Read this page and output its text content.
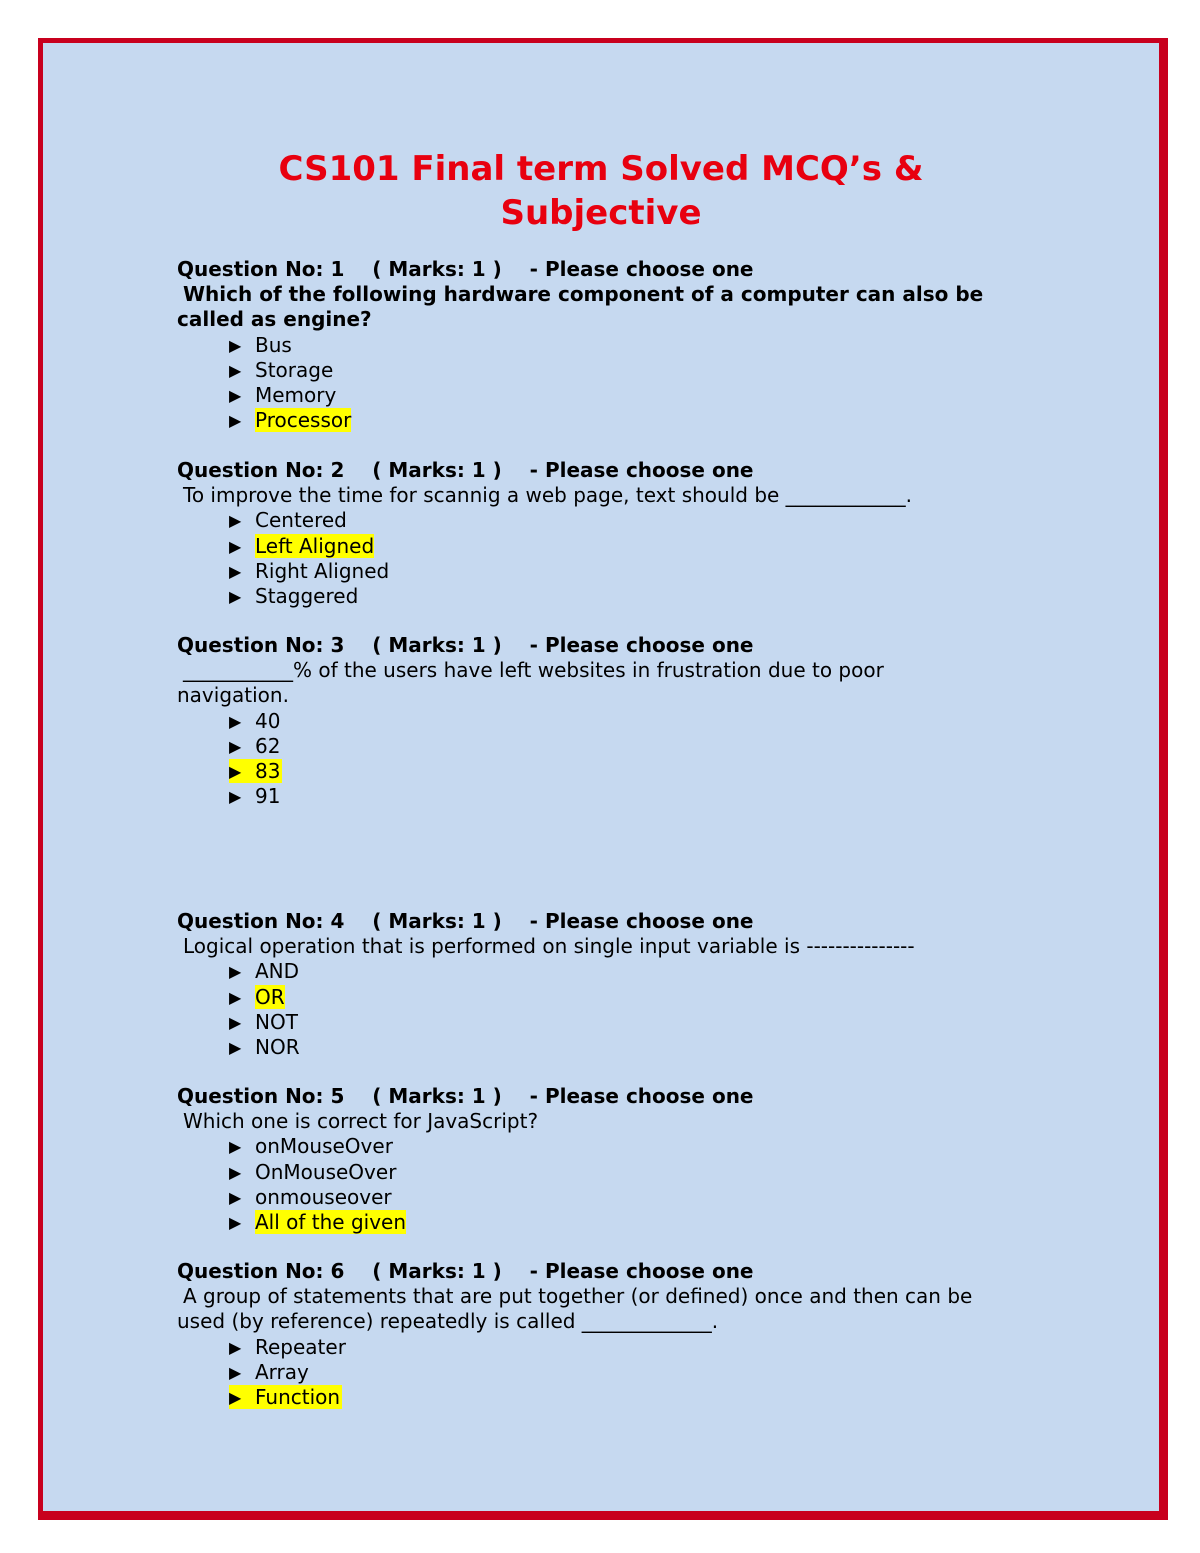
CS101 Final term Solved MCQ’s &
Subjective
Question No: 1    ( Marks: 1 )    - Please choose one
Which of the following hardware component of a computer can also be
called as engine?
▶ Bus
▶ Storage
▶ Memory
▶ Processor
Question No: 2    ( Marks: 1 )    - Please choose one
To improve the time for scannig a web page, text should be ____________.
▶ Centered
▶ Left Aligned
▶ Right Aligned
▶ Staggered
Question No: 3    ( Marks: 1 )    - Please choose one
___________% of the users have left websites in frustration due to poor
navigation.
▶ 40
▶ 62
▶ 83
▶ 91
Question No: 4    ( Marks: 1 )    - Please choose one
Logical operation that is performed on single input variable is ---------------
▶ AND
▶ OR
▶ NOT
▶ NOR
Question No: 5    ( Marks: 1 )    - Please choose one
Which one is correct for JavaScript?
▶ onMouseOver
▶ OnMouseOver
▶ onmouseover
▶ All of the given
Question No: 6    ( Marks: 1 )    - Please choose one
A group of statements that are put together (or defined) once and then can be
used (by reference) repeatedly is called _____________.
▶ Repeater
▶ Array
▶ Function
